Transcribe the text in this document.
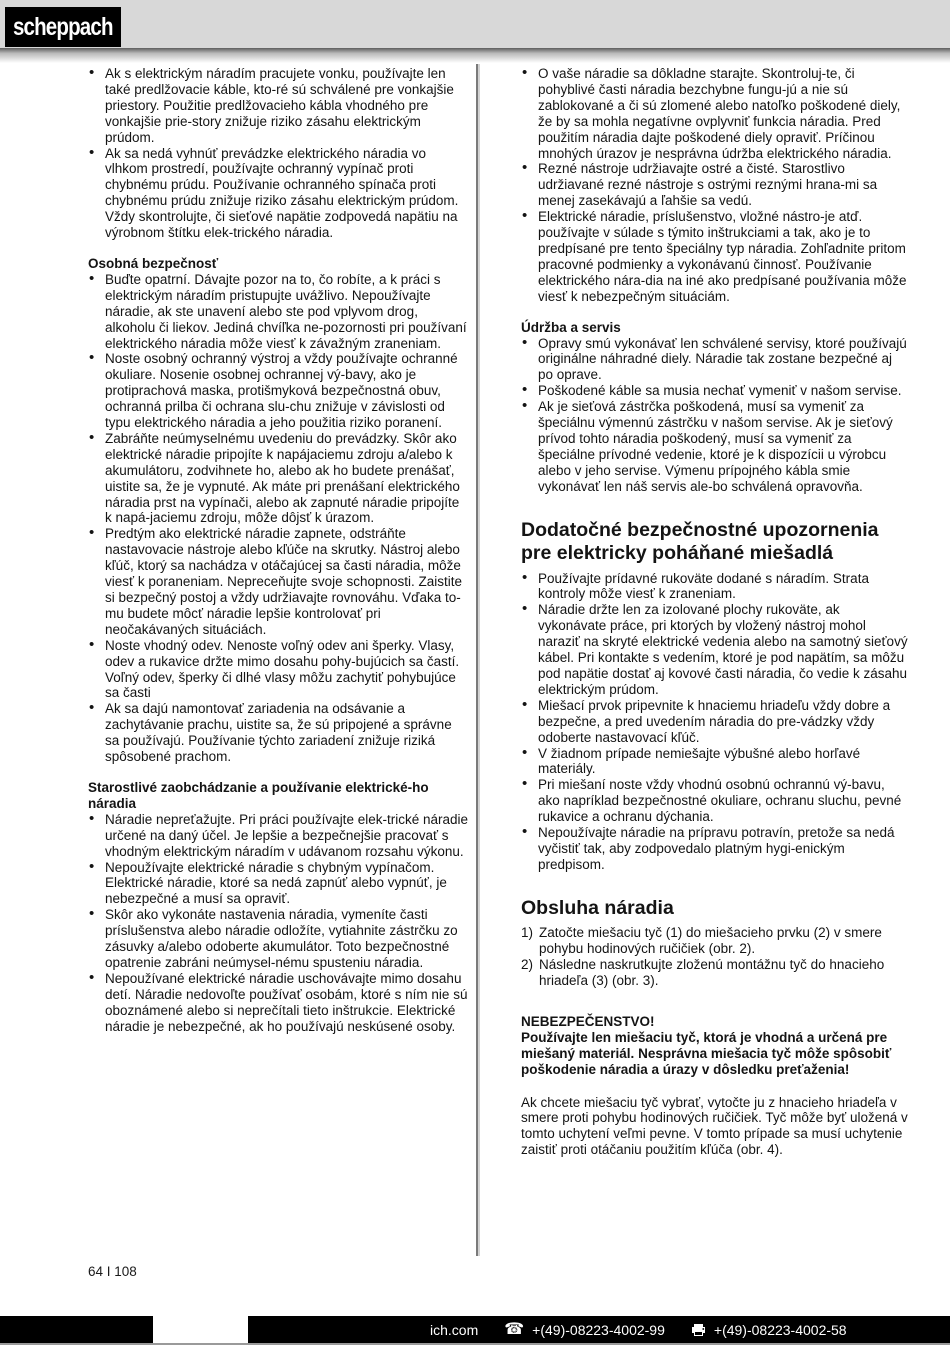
scheppach
• Ak s elektrickým náradím pracujete vonku, používajte len také predlžovacie káble, kto-ré sú schválené pre vonkajšie priestory. Použitie predlžovacieho kábla vhodného pre vonkajšie prie-story znižuje riziko zásahu elektrickým prúdom.
• Ak sa nedá vyhnúť prevádzke elektrického náradia vo vlhkom prostredí, používajte ochranný vypínač proti chybnému prúdu. Používanie ochranného spínača proti chybnému prúdu znižuje riziko zásahu elektrickým prúdom. Vždy skontrolujte, či sieťové napätie zodpovedá napätiu na výrobnom štítku elek-trického náradia.
Osobná bezpečnosť
• Buďte opatrní. Dávajte pozor na to, čo robíte, a k práci s elektrickým náradím pristupujte uvážlivo. Nepoužívajte náradie, ak ste unavení alebo ste pod vplyvom drog, alkoholu či liekov. Jediná chvíľka ne-pozornosti pri používaní elektrického náradia môže viesť k závažným zraneniam.
• Noste osobný ochranný výstroj a vždy používajte ochranné okuliare. Nosenie osobnej ochrannej vý-bavy, ako je protiprachová maska, protišmyková bezpečnostná obuv, ochranná prilba či ochrana slu-chu znižuje v závislosti od typu elektrického náradia a jeho použitia riziko poranení.
• Zabráňte neúmyselnému uvedeniu do prevádzky. Skôr ako elektrické náradie pripojíte k napájaciemu zdroju a/alebo k akumulátoru, zodvihnete ho, alebo ak ho budete prenášať, uistite sa, že je vypnuté. Ak máte pri prenášaní elektrického náradia prst na vypínači, alebo ak zapnuté náradie pripojíte k napá-jaciemu zdroju, môže dôjsť k úrazom.
• Predtým ako elektrické náradie zapnete, odstráňte nastavovacie nástroje alebo kľúče na skrutky. Nástroj alebo kľúč, ktorý sa nachádza v otáčajúcej sa časti náradia, môže viesť k poraneniam. Nepreceňujte svoje schopnosti. Zaistite si bezpečný postoj a vždy udržiavajte rovnováhu. Vďaka to-mu budete môcť náradie lepšie kontrolovať pri neočakávaných situáciách.
• Noste vhodný odev. Nenoste voľný odev ani šperky. Vlasy, odev a rukavice držte mimo dosahu pohy-bujúcich sa častí. Voľný odev, šperky či dlhé vlasy môžu zachytiť pohybujúce sa časti
• Ak sa dajú namontovať zariadenia na odsávanie a zachytávanie prachu, uistite sa, že sú pripojené a správne sa používajú. Používanie týchto zariadení znižuje riziká spôsobené prachom.
Starostlivé zaobchádzanie a používanie elektrické-ho náradia
• Náradie nepreťažujte. Pri práci používajte elek-trické náradie určené na daný účel. Je lepšie a bezpečnejšie pracovať s vhodným elektrickým náradím v udávanom rozsahu výkonu.
• Nepoužívajte elektrické náradie s chybným vypínačom. Elektrické náradie, ktoré sa nedá zapnúť alebo vypnúť, je nebezpečné a musí sa opraviť.
• Skôr ako vykonáte nastavenia náradia, vymeníte časti príslušenstva alebo náradie odložíte, vytiahnite zástrčku zo zásuvky a/alebo odoberte akumulátor. Toto bezpečnostné opatrenie zabráni neúmysel-nému spusteniu náradia.
• Nepoužívané elektrické náradie uschovávajte mimo dosahu detí. Náradie nedovoľte používať osobám, ktoré s ním nie sú oboznámené alebo si neprečítali tieto inštrukcie. Elektrické náradie je nebezpečné, ak ho používajú neskúsené osoby.
• O vaše náradie sa dôkladne starajte. Skontroluj-te, či pohyblivé časti náradia bezchybne fungu-jú a nie sú zablokované a či sú zlomené alebo natoľko poškodené diely, že by sa mohla negatívne ovplyvniť funkcia náradia. Pred použitím náradia dajte poškodené diely opraviť. Príčinou mnohých úrazov je nesprávna údržba elektrického náradia.
• Rezné nástroje udržiavajte ostré a čisté. Starostlivo udržiavané rezné nástroje s ostrými reznými hrana-mi sa menej zasekávajú a ľahšie sa vedú.
• Elektrické náradie, príslušenstvo, vložné nástro-je atď. používajte v súlade s týmito inštrukciami a tak, ako je to predpísané pre tento špeciálny typ náradia. Zohľadnite pritom pracovné podmienky a vykonávanú činnosť. Používanie elektrického nára-dia na iné ako predpísané používania môže viesť k nebezpečným situáciám.
Údržba a servis
• Opravy smú vykonávať len schválené servisy, ktoré používajú originálne náhradné diely. Náradie tak zostane bezpečné aj po oprave.
• Poškodené káble sa musia nechať vymeniť v našom servise.
• Ak je sieťová zástrčka poškodená, musí sa vymeniť za špeciálnu výmennú zástrčku v našom servise. Ak je sieťový prívod tohto náradia poškodený, musí sa vymeniť za špeciálne prívodné vedenie, ktoré je k dispozícii u výrobcu alebo v jeho servise. Výmenu prípojného kábla smie vykonávať len náš servis ale-bo schválená opravovňa.
Dodatočné bezpečnostné upozornenia pre elektricky poháňané miešadlá
• Používajte prídavné rukoväte dodané s náradím. Strata kontroly môže viesť k zraneniam.
• Náradie držte len za izolované plochy rukoväte, ak vykonávate práce, pri ktorých by vložený nástroj mohol naraziť na skryté elektrické vedenia alebo na samotný sieťový kábel. Pri kontakte s vedením, ktoré je pod napätím, sa môžu pod napätie dostať aj kovové časti náradia, čo vedie k zásahu elektrickým prúdom.
• Miešací prvok pripevnite k hnaciemu hriadeľu vždy dobre a bezpečne, a pred uvedením náradia do pre-vádzky vždy odoberte nastavovací kľúč.
• V žiadnom prípade nemiešajte výbušné alebo horľavé materiály.
• Pri miešaní noste vždy vhodnú osobnú ochrannú vý-bavu, ako napríklad bezpečnostné okuliare, ochranu sluchu, pevné rukavice a ochranu dýchania.
• Nepoužívajte náradie na prípravu potravín, pretože sa nedá vyčistiť tak, aby zodpovedalo platným hygi-enickým predpisom.
Obsluha náradia
1) Zatočte miešaciu tyč (1) do miešacieho prvku (2) v smere pohybu hodinových ručičiek (obr. 2).
2) Následne naskrutkujte zloženú montážnu tyč do hnacieho hriadeľa (3) (obr. 3).
NEBEZPEČENSTVO!
Používajte len miešaciu tyč, ktorá je vhodná a určená pre miešaný materiál. Nesprávna miešacia tyč môže spôsobiť poškodenie náradia a úrazy v dôsledku preťaženia!

Ak chcete miešaciu tyč vybrať, vytočte ju z hnacieho hriadeľa v smere proti pohybu hodinových ručičiek. Tyč môže byť uložená v tomto uchytení veľmi pevne. V tomto prípade sa musí uchytenie zaistiť proti otáčaniu použitím kľúča (obr. 4).

64 I 108
ich.com ☎ +(49)-08223-4002-99	+(49)-08223-4002-58
